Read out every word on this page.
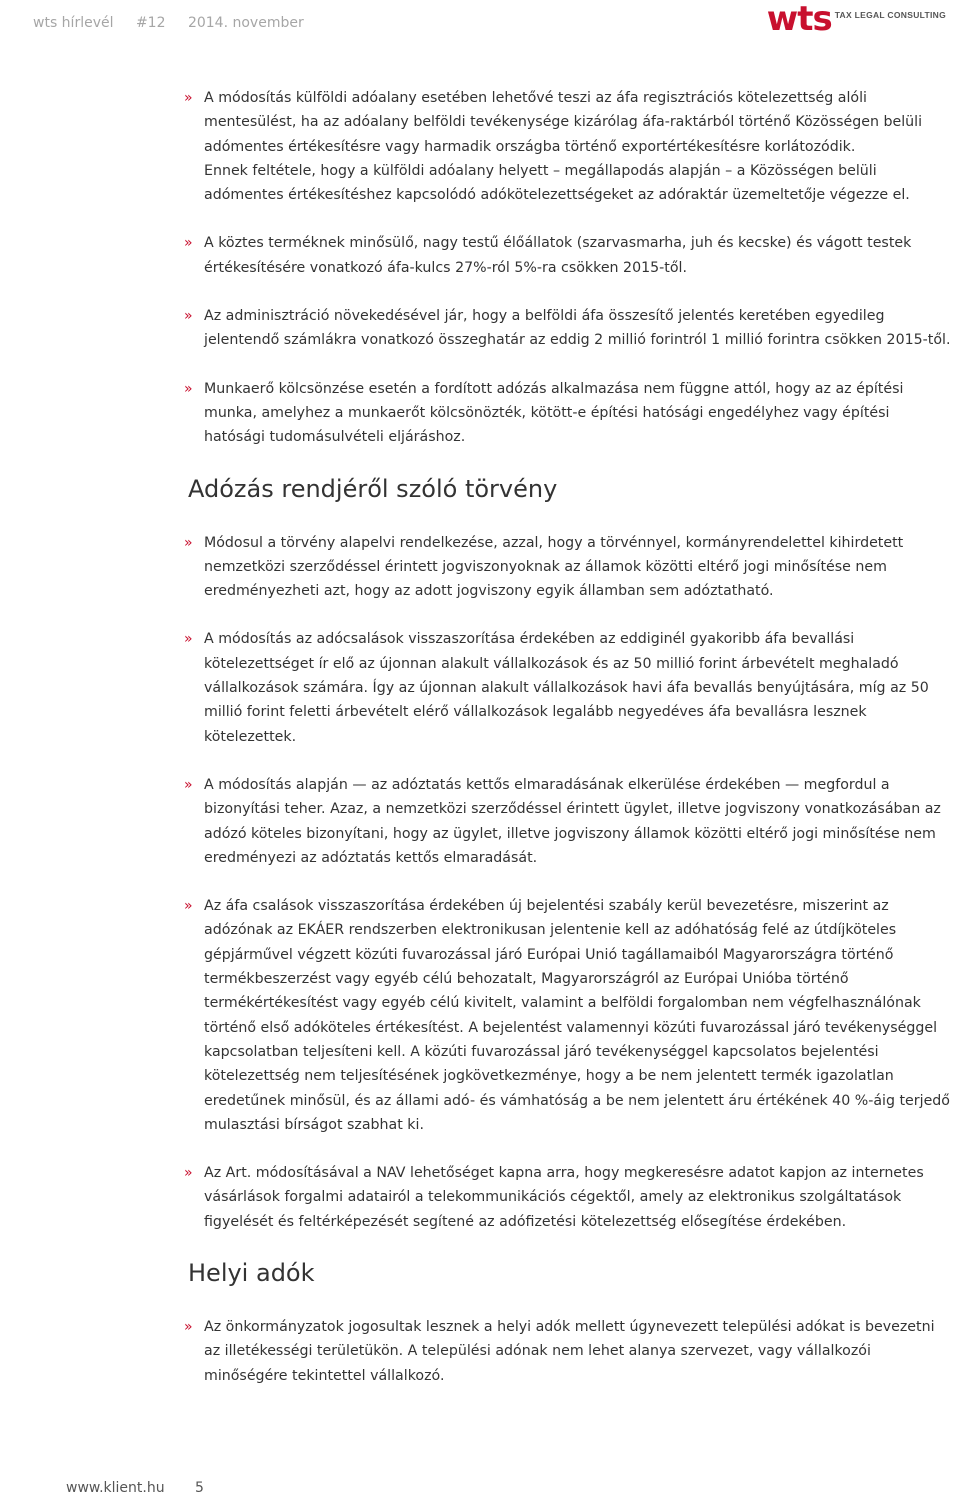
wts hírlevél #12 2014. november	wts TAX LEGAL CONSULTING
» A módosítás külföldi adóalany esetében lehetővé teszi az áfa regisztrációs kötelezettség alóli mentesülést, ha az adóalany belföldi tevékenysége kizárólag áfa-raktárból történő Közösségen belüli adómentes értékesítésre vagy harmadik országba történő exportértékesítésre korlátozódik.

Ennek feltétele, hogy a külföldi adóalany helyett – megállapodás alapján – a Közösségen belüli adómentes értékesítéshez kapcsolódó adókötelezettségeket az adóraktár üzemeltetője végezze el.

» A köztes terméknek minősülő, nagy testű élőállatok (szarvasmarha, juh és kecske) és vágott testek értékesítésére vonatkozó áfa-kulcs 27%-ról 5%-ra csökken 2015-től.

» Az adminisztráció növekedésével jár, hogy a belföldi áfa összesítő jelentés keretében egyedileg jelentendő számlákra vonatkozó összeghatár az eddig 2 millió forintról 1 millió forintra csökken 2015-től.

» Munkaerő kölcsönzése esetén a fordított adózás alkalmazása nem függne attól, hogy az az építési munka, amelyhez a munkaerőt kölcsönözték, kötött-e építési hatósági engedélyhez vagy építési hatósági tudomásulvételi eljáráshoz.

Adózás rendjéről szóló törvény
» Módosul a törvény alapelvi rendelkezése, azzal, hogy a törvénnyel, kormányrendelettel kihirdetett nemzetközi szerződéssel érintett jogviszonyoknak az államok közötti eltérő jogi minősítése nem eredményezheti azt, hogy az adott jogviszony egyik államban sem adóztatható.

» A módosítás az adócsalások visszaszorítása érdekében az eddiginél gyakoribb áfa bevallási kötelezettséget ír elő az újonnan alakult vállalkozások és az 50 millió forint árbevételt meghaladó vállalkozások számára. Így az újonnan alakult vállalkozások havi áfa bevallás benyújtására, míg az 50 millió forint feletti árbevételt elérő vállalkozások legalább negyedéves áfa bevallásra lesznek kötelezettek.

» A módosítás alapján — az adóztatás kettős elmaradásának elkerülése érdekében — megfordul a bizonyítási teher. Azaz, a nemzetközi szerződéssel érintett ügylet, illetve jogviszony vonatkozásában az adózó köteles bizonyítani, hogy az ügylet, illetve jogviszony államok közötti eltérő jogi minősítése nem eredményezi az adóztatás kettős elmaradását.

» Az áfa csalások visszaszorítása érdekében új bejelentési szabály kerül bevezetésre, miszerint az adózónak az EKÁER rendszerben elektronikusan jelentenie kell az adóhatóság felé az útdíjköteles gépjárművel végzett közúti fuvarozással járó Európai Unió tagállamaiból Magyarországra történő termékbeszerzést vagy egyéb célú behozatalt, Magyarországról az Európai Unióba történő termékértékesítést vagy egyéb célú kivitelt, valamint a belföldi forgalomban nem végfelhasználónak történő első adóköteles értékesítést. A bejelentést valamennyi közúti fuvarozással járó tevékenységgel kapcsolatban teljesíteni kell. A közúti fuvarozással járó tevékenységgel kapcsolatos bejelentési kötelezettség nem teljesítésének jogkövetkezménye, hogy a be nem jelentett termék igazolatlan eredetűnek minősül, és az állami adó- és vámhatóság a be nem jelentett áru értékének 40 %-áig terjedő mulasztási bírságot szabhat ki.

» Az Art. módosításával a NAV lehetőséget kapna arra, hogy megkeresésre adatot kapjon az internetes vásárlások forgalmi adatairól a telekommunikációs cégektől, amely az elektronikus szolgáltatások figyelését és feltérképezését segítené az adófizetési kötelezettség elősegítése érdekében.

Helyi adók
» Az önkormányzatok jogosultak lesznek a helyi adók mellett úgynevezett települési adókat is bevezetni az illetékességi területükön. A települési adónak nem lehet alanya szervezet, vagy vállalkozói minőségére tekintettel vállalkozó.

www.klient.hu 5
